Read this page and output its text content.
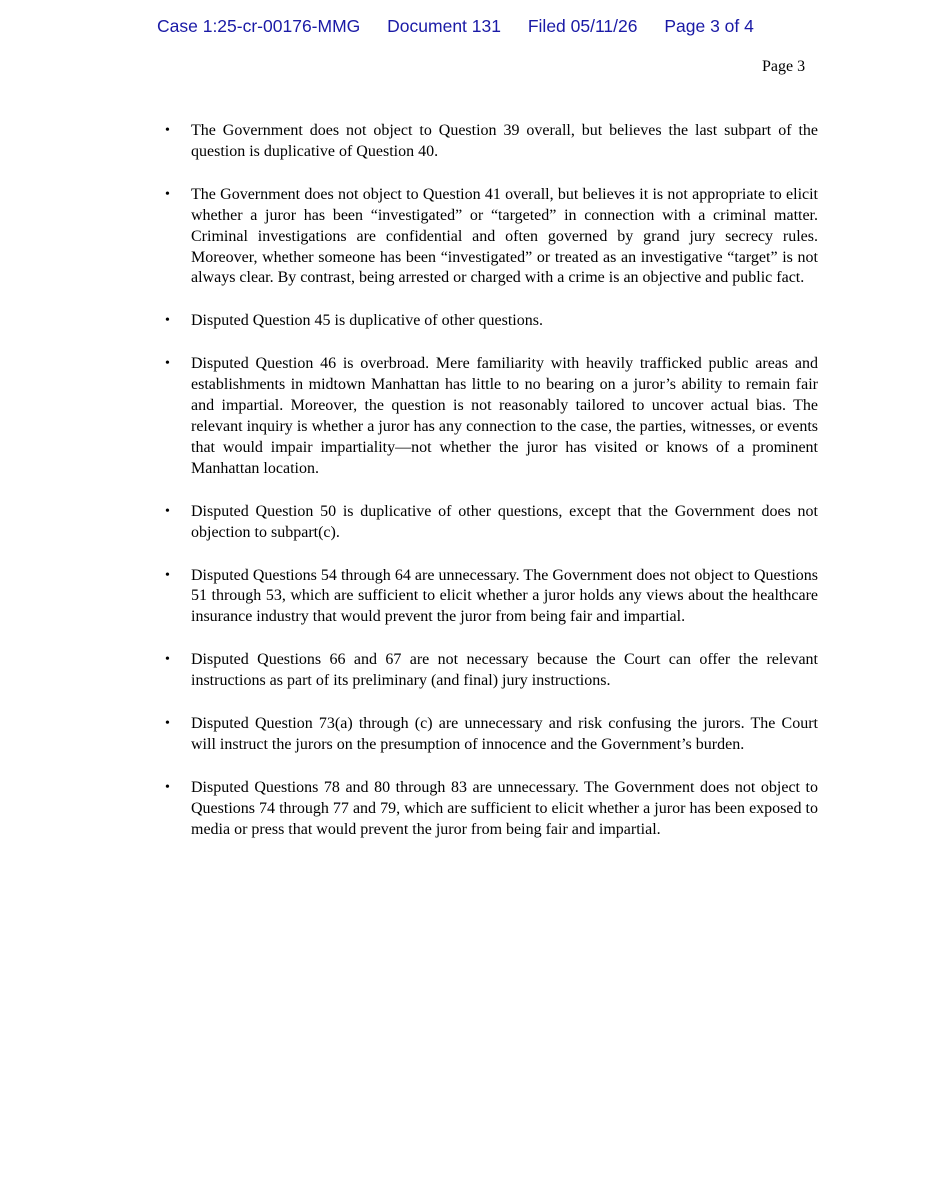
Case 1:25-cr-00176-MMG Document 131 Filed 05/11/26 Page 3 of 4
Page 3
• The Government does not object to Question 39 overall, but believes the last subpart of the question is duplicative of Question 40.
• The Government does not object to Question 41 overall, but believes it is not appropriate to elicit whether a juror has been “investigated” or “targeted” in connection with a criminal matter. Criminal investigations are confidential and often governed by grand jury secrecy rules. Moreover, whether someone has been “investigated” or treated as an investigative “target” is not always clear. By contrast, being arrested or charged with a crime is an objective and public fact.
• Disputed Question 45 is duplicative of other questions.
• Disputed Question 46 is overbroad. Mere familiarity with heavily trafficked public areas and establishments in midtown Manhattan has little to no bearing on a juror’s ability to remain fair and impartial. Moreover, the question is not reasonably tailored to uncover actual bias. The relevant inquiry is whether a juror has any connection to the case, the parties, witnesses, or events that would impair impartiality—not whether the juror has visited or knows of a prominent Manhattan location.
• Disputed Question 50 is duplicative of other questions, except that the Government does not objection to subpart(c).
• Disputed Questions 54 through 64 are unnecessary. The Government does not object to Questions 51 through 53, which are sufficient to elicit whether a juror holds any views about the healthcare insurance industry that would prevent the juror from being fair and impartial.
• Disputed Questions 66 and 67 are not necessary because the Court can offer the relevant instructions as part of its preliminary (and final) jury instructions.
• Disputed Question 73(a) through (c) are unnecessary and risk confusing the jurors. The Court will instruct the jurors on the presumption of innocence and the Government’s burden.
• Disputed Questions 78 and 80 through 83 are unnecessary. The Government does not object to Questions 74 through 77 and 79, which are sufficient to elicit whether a juror has been exposed to media or press that would prevent the juror from being fair and impartial.
